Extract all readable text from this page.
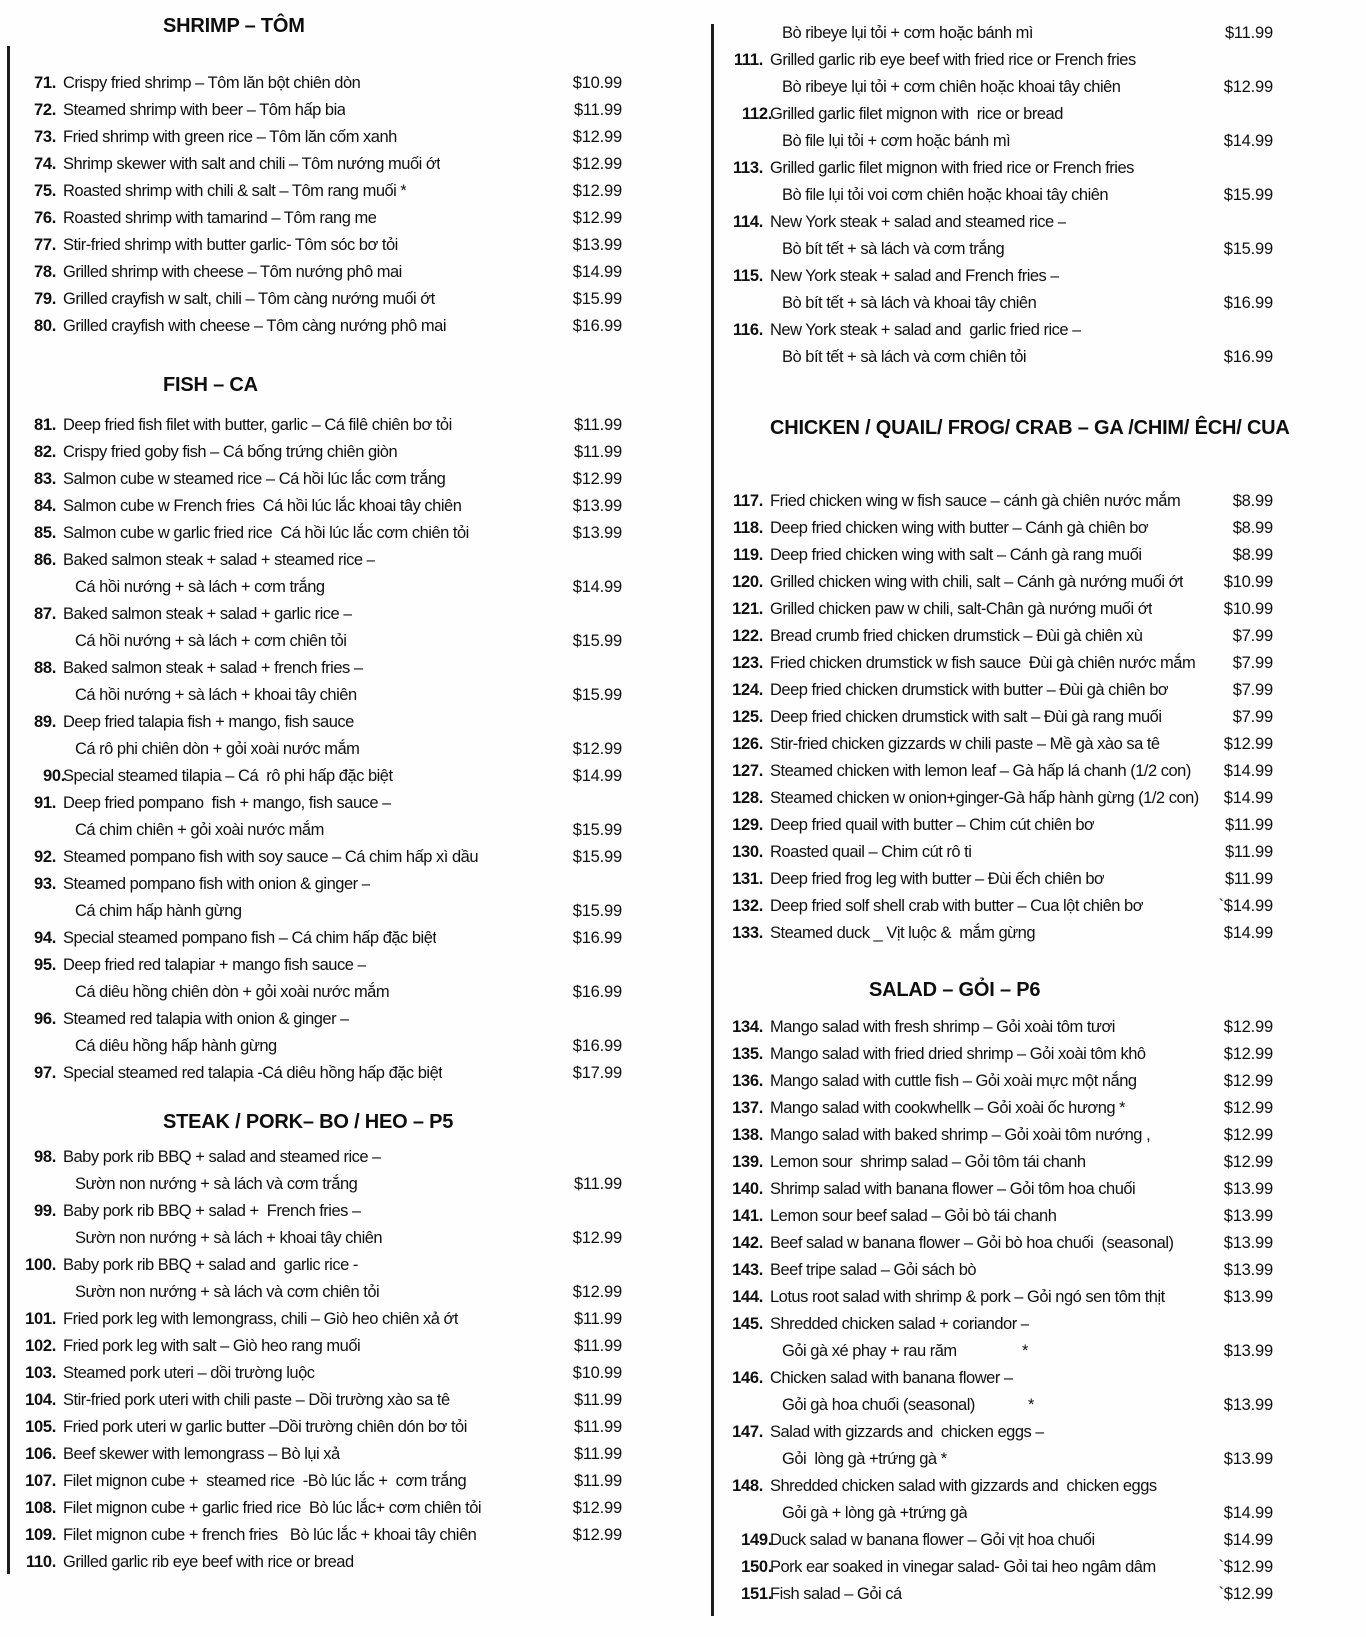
SHRIMP – TÔM
71. Crispy fried shrimp – Tôm lăn bột chiên dòn	$10.99
72. Steamed shrimp with beer – Tôm hấp bia	$11.99
73. Fried shrimp with green rice – Tôm lăn cốm xanh	$12.99
74. Shrimp skewer with salt and chili – Tôm nướng muối ớt	$12.99
75. Roasted shrimp with chili & salt – Tôm rang muối *	$12.99
76. Roasted shrimp with tamarind – Tôm rang me	$12.99
77. Stir-fried shrimp with butter garlic- Tôm sóc bơ tỏi	$13.99
78. Grilled shrimp with cheese – Tôm nướng phô mai	$14.99
79. Grilled crayfish w salt, chili – Tôm càng nướng muối ớt	$15.99
80. Grilled crayfish with cheese – Tôm càng nướng phô mai	$16.99
FISH – CA
81. Deep fried fish filet with butter, garlic – Cá filê chiên bơ tỏi	$11.99
82. Crispy fried goby fish – Cá bống trứng chiên giòn	$11.99
83. Salmon cube w steamed rice – Cá hồi lúc lắc cơm trắng	$12.99
84. Salmon cube w French fries  Cá hồi lúc lắc khoai tây chiên	$13.99
85. Salmon cube w garlic fried rice  Cá hồi lúc lắc cơm chiên tỏi	$13.99
86. Baked salmon steak + salad + steamed rice –
Cá hồi nướng + sà lách + cơm trắng	$14.99
87. Baked salmon steak + salad + garlic rice –
Cá hồi nướng + sà lách + cơm chiên tỏi	$15.99
88. Baked salmon steak + salad + french fries –
Cá hồi nướng + sà lách + khoai tây chiên	$15.99
89. Deep fried talapia fish + mango, fish sauce
Cá rô phi chiên dòn + gỏi xoài nước mắm	$12.99
90.
Special steamed tilapia – Cá  rô phi hấp đặc biệt	$14.99
91. Deep fried pompano  fish + mango, fish sauce –
Cá chim chiên + gỏi xoài nước mắm	$15.99
92. Steamed pompano fish with soy sauce – Cá chim hấp xì dầu	$15.99
93. Steamed pompano fish with onion & ginger –
Cá chim hấp hành gừng	$15.99
94. Special steamed pompano fish – Cá chim hấp đặc biệt	$16.99
95. Deep fried red talapiar + mango fish sauce –
Cá diêu hồng chiên dòn + gỏi xoài nước mắm	$16.99
96. Steamed red talapia with onion & ginger –
Cá diêu hồng hấp hành gừng	$16.99
97. Special steamed red talapia -Cá diêu hồng hấp đặc biệt	$17.99
STEAK / PORK– BO / HEO – P5
98. Baby pork rib BBQ + salad and steamed rice –
Sườn non nướng + sà lách và cơm trắng	$11.99
99. Baby pork rib BBQ + salad +  French fries –
Sườn non nướng + sà lách + khoai tây chiên	$12.99
100. Baby pork rib BBQ + salad and  garlic rice -
Sườn non nướng + sà lách và cơm chiên tỏi	$12.99
101. Fried pork leg with lemongrass, chili – Giò heo chiên xả ớt	$11.99
102. Fried pork leg with salt – Giò heo rang muối	$11.99
103. Steamed pork uteri – dồi trường luộc	$10.99
104. Stir-fried pork uteri with chili paste – Dồi trường xào sa tê	$11.99
105. Fried pork uteri w garlic butter –Dồi trường chiên dón bơ tỏi	$11.99
106. Beef skewer with lemongrass – Bò lụi xả	$11.99
107. Filet mignon cube +  steamed rice  -Bò lúc lắc +  cơm trắng	$11.99
108. Filet mignon cube + garlic fried rice  Bò lúc lắc+ cơm chiên tỏi	$12.99
109. Filet mignon cube + french fries   Bò lúc lắc + khoai tây chiên	$12.99
110. Grilled garlic rib eye beef with rice or bread
Bò ribeye lụi tỏi + cơm hoặc bánh mì	$11.99
111. Grilled garlic rib eye beef with fried rice or French fries
Bò ribeye lụi tỏi + cơm chiên hoặc khoai tây chiên	$12.99
112.
Grilled garlic filet mignon with  rice or bread
Bò file lụi tỏi + cơm hoặc bánh mì	$14.99
113. Grilled garlic filet mignon with fried rice or French fries
Bò file lụi tỏi voi cơm chiên hoặc khoai tây chiên	$15.99
114. New York steak + salad and steamed rice –
Bò bít tết + sà lách và cơm trắng	$15.99
115. New York steak + salad and French fries –
Bò bít tết + sà lách và khoai tây chiên	$16.99
116. New York steak + salad and  garlic fried rice –
Bò bít tết + sà lách và cơm chiên tỏi	$16.99
CHICKEN / QUAIL/ FROG/ CRAB – GA /CHIM/ ÊCH/ CUA
117. Fried chicken wing w fish sauce – cánh gà chiên nước mắm	$8.99
118. Deep fried chicken wing with butter – Cánh gà chiên bơ	$8.99
119. Deep fried chicken wing with salt – Cánh gà rang muối	$8.99
120. Grilled chicken wing with chili, salt – Cánh gà nướng muối ớt	$10.99
121. Grilled chicken paw w chili, salt-Chân gà nướng muối ớt	$10.99
122. Bread crumb fried chicken drumstick – Đùi gà chiên xù	$7.99
123. Fried chicken drumstick w fish sauce  Đùi gà chiên nước mắm	$7.99
124. Deep fried chicken drumstick with butter – Đùi gà chiên bơ	$7.99
125. Deep fried chicken drumstick with salt – Đùi gà rang muối	$7.99
126. Stir-fried chicken gizzards w chili paste – Mề gà xào sa tê	$12.99
127. Steamed chicken with lemon leaf – Gà hấp lá chanh (1/2 con)	$14.99
128. Steamed chicken w onion+ginger-Gà hấp hành gừng (1/2 con)	$14.99
129. Deep fried quail with butter – Chim cút chiên bơ	$11.99
130. Roasted quail – Chim cút rô ti	$11.99
131. Deep fried frog leg with butter – Đùi ếch chiên bơ	$11.99
132. Deep fried solf shell crab with butter – Cua lột chiên bơ	`$14.99
133. Steamed duck _ Vịt luộc &  mắm gừng	$14.99
SALAD – GỎI – P6
134. Mango salad with fresh shrimp – Gỏi xoài tôm tươi	$12.99
135. Mango salad with fried dried shrimp – Gỏi xoài tôm khô	$12.99
136. Mango salad with cuttle fish – Gỏi xoài mực một nắng	$12.99
137. Mango salad with cookwhellk – Gỏi xoài ốc hương *	$12.99
138. Mango salad with baked shrimp – Gỏi xoài tôm nướng ,	$12.99
139. Lemon sour  shrimp salad – Gỏi tôm tái chanh	$12.99
140. Shrimp salad with banana flower – Gỏi tôm hoa chuối	$13.99
141. Lemon sour beef salad – Gỏi bò tái chanh	$13.99
142. Beef salad w banana flower – Gỏi bò hoa chuối  (seasonal)	$13.99
143. Beef tripe salad – Gỏi sách bò	$13.99
144. Lotus root salad with shrimp & pork – Gỏi ngó sen tôm thịt	$13.99
145. Shredded chicken salad + coriandor –
Gỏi gà xé phay + rau răm                *	$13.99
146. Chicken salad with banana flower –
Gỏi gà hoa chuối (seasonal)             *	$13.99
147. Salad with gizzards and  chicken eggs –
Gỏi  lòng gà +trứng gà *	$13.99
148. Shredded chicken salad with gizzards and  chicken eggs
Gỏi gà + lòng gà +trứng gà	$14.99
149.
Duck salad w banana flower – Gỏi vịt hoa chuối	$14.99
150.
Pork ear soaked in vinegar salad- Gỏi tai heo ngâm dâm	`$12.99
151.
Fish salad – Gỏi cá	`$12.99
